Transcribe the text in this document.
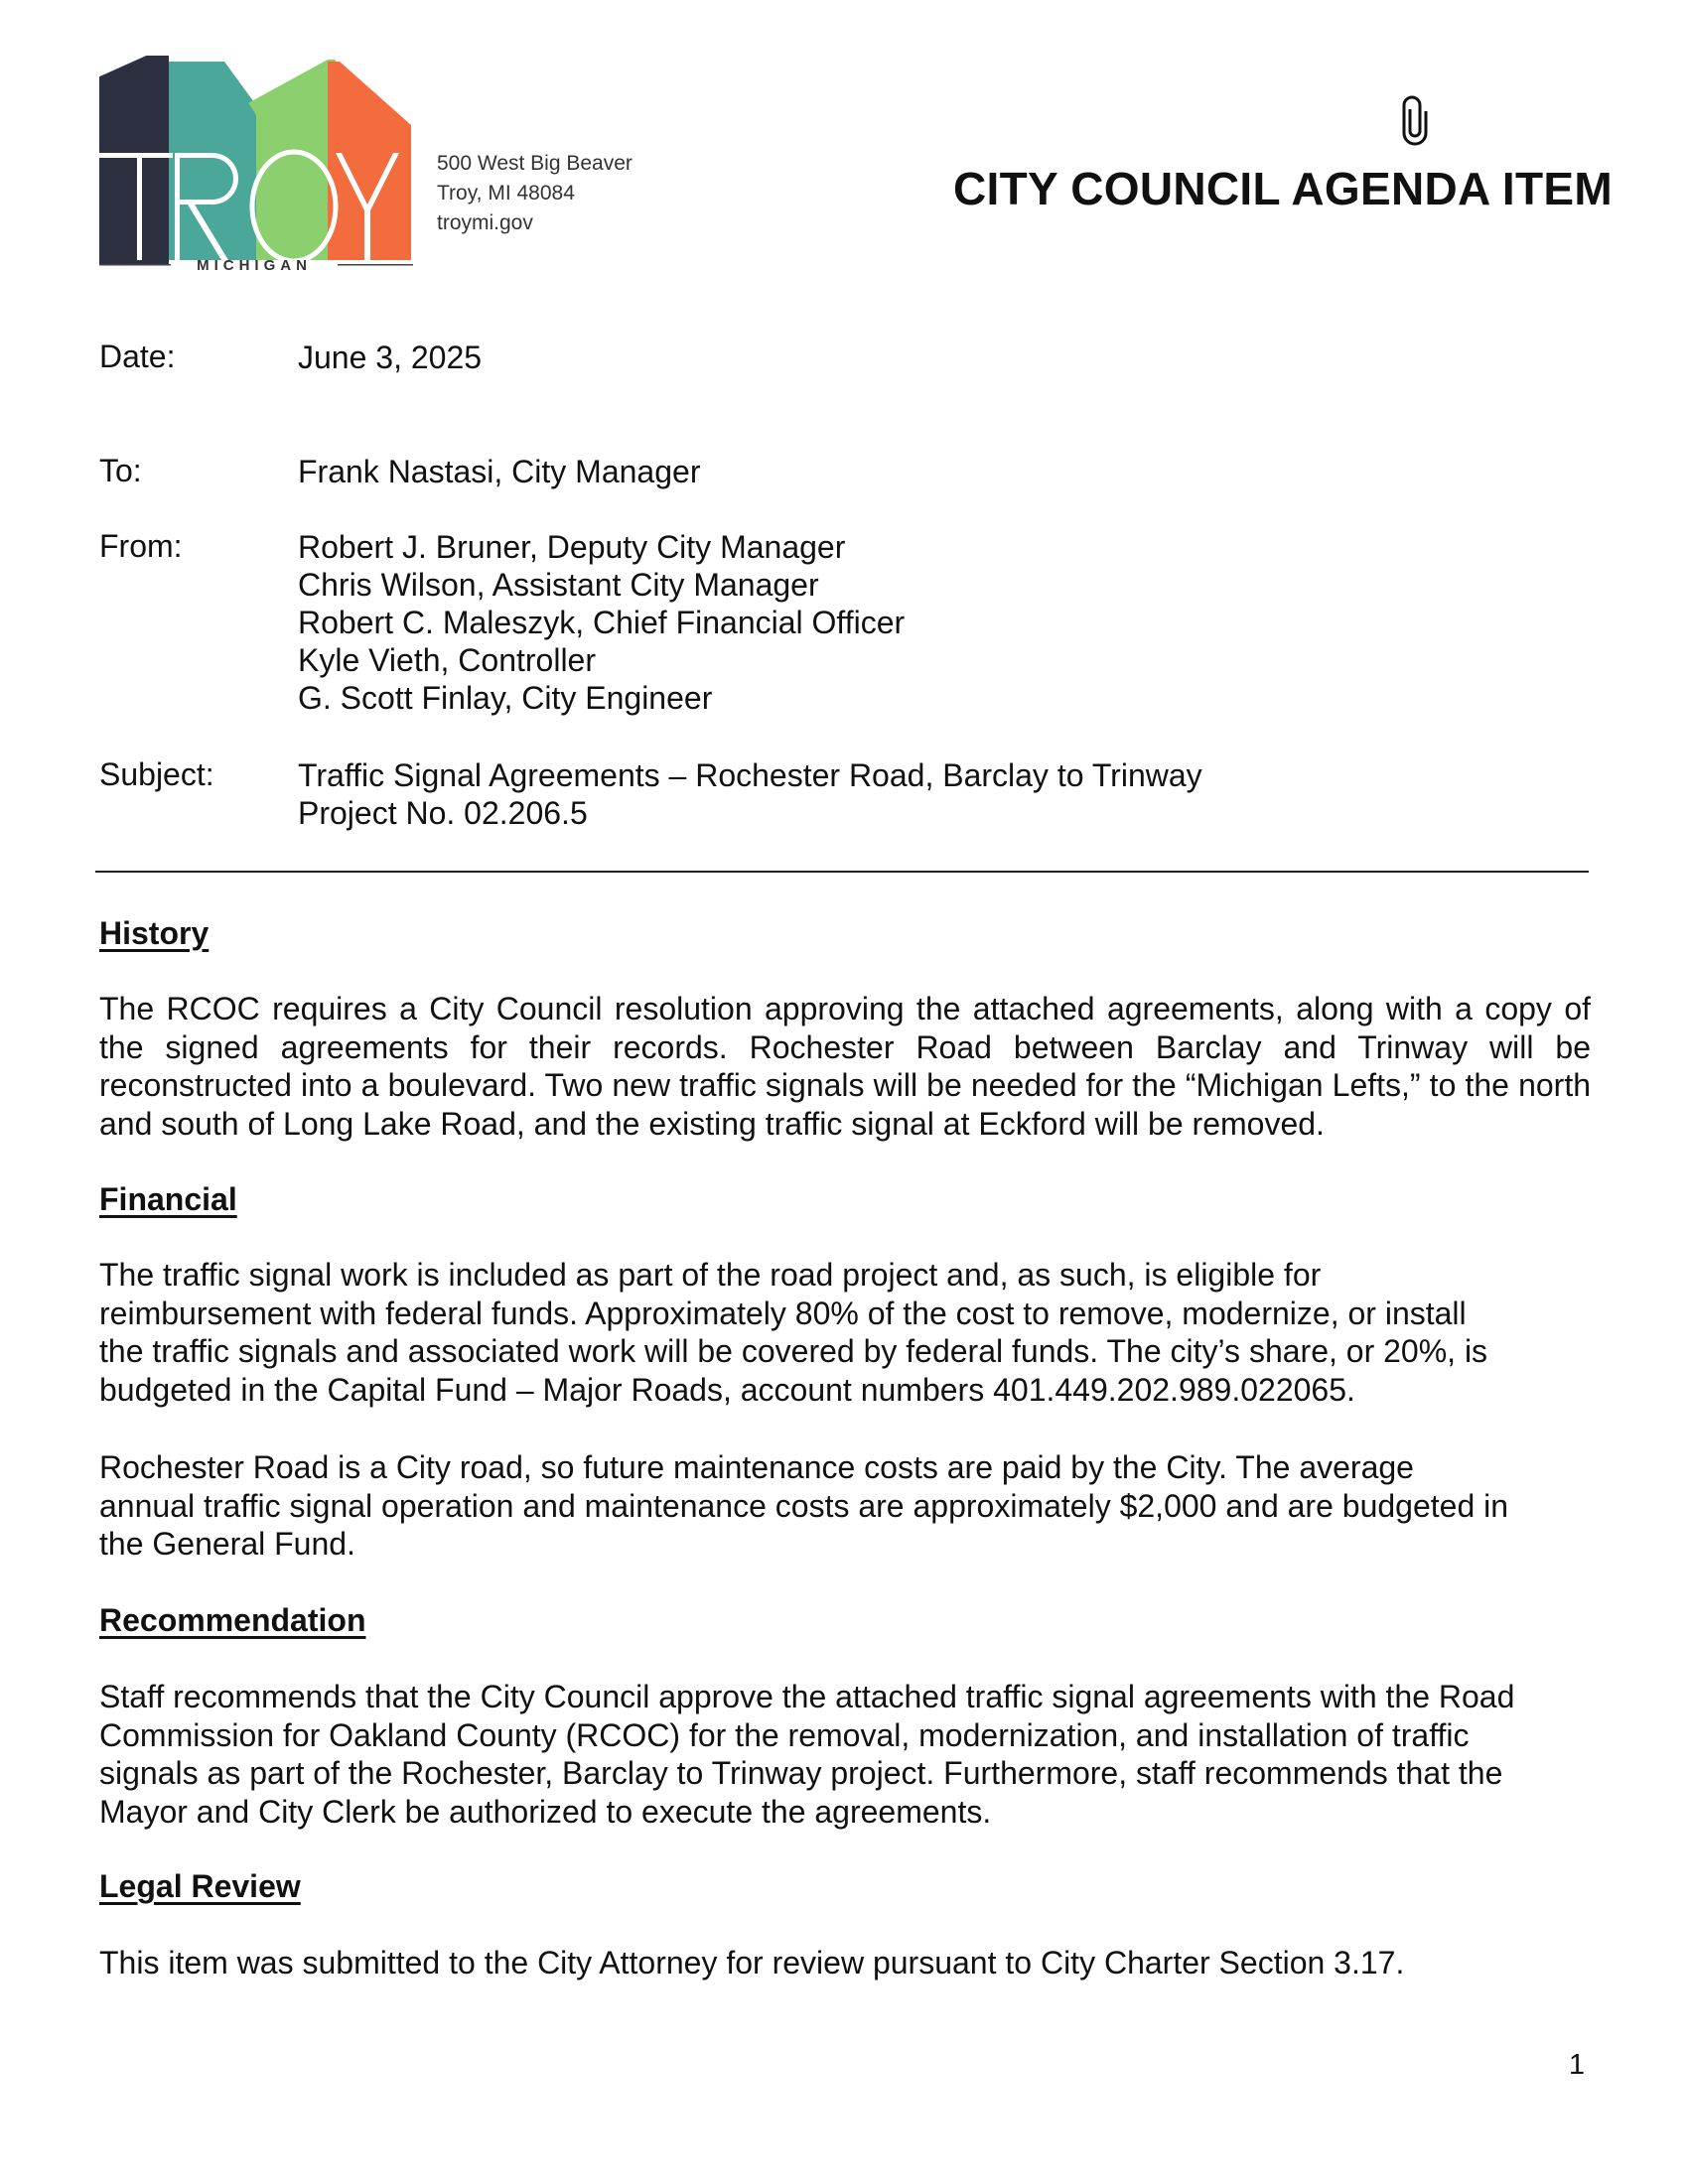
MICHIGAN
500 West Big Beaver
Troy, MI 48084
troymi.gov
CITY COUNCIL AGENDA ITEM
Date:	June 3, 2025
To:	Frank Nastasi, City Manager
From:	Robert J. Bruner, Deputy City Manager
Chris Wilson, Assistant City Manager
Robert C. Maleszyk, Chief Financial Officer
Kyle Vieth, Controller
G. Scott Finlay, City Engineer
Subject:	Traffic Signal Agreements – Rochester Road, Barclay to Trinway
Project No. 02.206.5
History
The RCOC requires a City Council resolution approving the attached agreements, along with a copy of the signed agreements for their records. Rochester Road between Barclay and Trinway will be reconstructed into a boulevard. Two new traffic signals will be needed for the “Michigan Lefts,” to the north and south of Long Lake Road, and the existing traffic signal at Eckford will be removed.
Financial
The traffic signal work is included as part of the road project and, as such, is eligible for
reimbursement with federal funds. Approximately 80% of the cost to remove, modernize, or install
the traffic signals and associated work will be covered by federal funds. The city’s share, or 20%, is
budgeted in the Capital Fund – Major Roads, account numbers 401.449.202.989.022065.
Rochester Road is a City road, so future maintenance costs are paid by the City. The average
annual traffic signal operation and maintenance costs are approximately $2,000 and are budgeted in
the General Fund.
Recommendation
Staff recommends that the City Council approve the attached traffic signal agreements with the Road
Commission for Oakland County (RCOC) for the removal, modernization, and installation of traffic
signals as part of the Rochester, Barclay to Trinway project. Furthermore, staff recommends that the
Mayor and City Clerk be authorized to execute the agreements.
Legal Review
This item was submitted to the City Attorney for review pursuant to City Charter Section 3.17.
1
